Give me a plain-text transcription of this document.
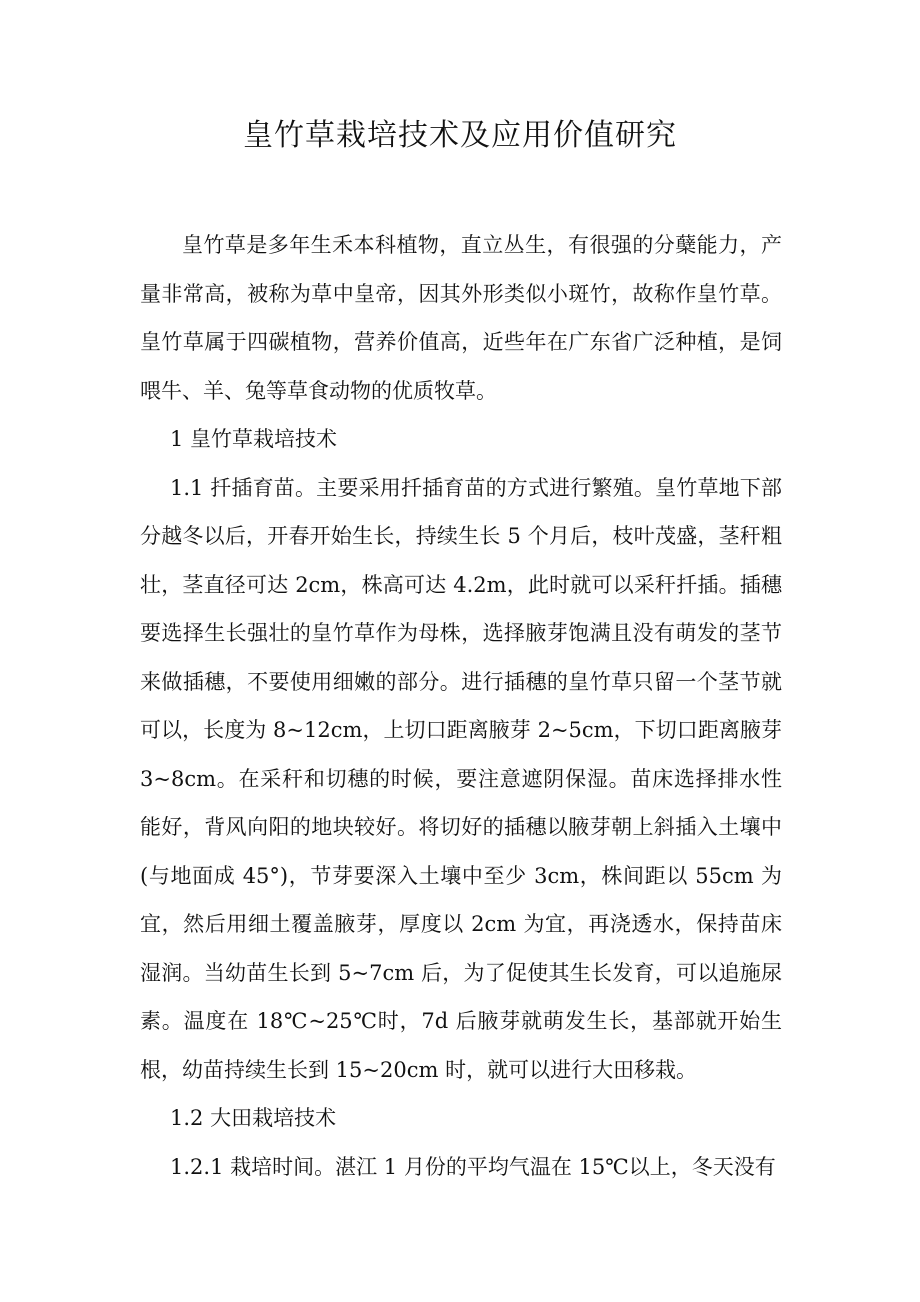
皇竹草栽培技术及应用价值研究

皇竹草是多年生禾本科植物，直立丛生，有很强的分蘖能力，产量非常高，被称为草中皇帝，因其外形类似小斑竹，故称作皇竹草。皇竹草属于四碳植物，营养价值高，近些年在广东省广泛种植，是饲喂牛、羊、兔等草食动物的优质牧草。

1 皇竹草栽培技术

1.1 扦插育苗。主要采用扦插育苗的方式进行繁殖。皇竹草地下部分越冬以后，开春开始生长，持续生长 5 个月后，枝叶茂盛，茎秆粗壮，茎直径可达 2cm，株高可达 4.2m，此时就可以采秆扦插。插穗要选择生长强壮的皇竹草作为母株，选择腋芽饱满且没有萌发的茎节来做插穗，不要使用细嫩的部分。进行插穗的皇竹草只留一个茎节就可以，长度为 8~12cm，上切口距离腋芽 2~5cm，下切口距离腋芽 3~8cm。在采秆和切穗的时候，要注意遮阴保湿。苗床选择排水性能好，背风向阳的地块较好。将切好的插穗以腋芽朝上斜插入土壤中(与地面成 45°)，节芽要深入土壤中至少 3cm，株间距以 55cm 为宜，然后用细土覆盖腋芽，厚度以 2cm 为宜，再浇透水，保持苗床湿润。当幼苗生长到 5~7cm 后，为了促使其生长发育，可以追施尿素。温度在 18℃~25℃时，7d 后腋芽就萌发生长，基部就开始生根，幼苗持续生长到 15~20cm 时，就可以进行大田移栽。

1.2 大田栽培技术

1.2.1 栽培时间。湛江 1 月份的平均气温在 15℃以上，冬天没有
